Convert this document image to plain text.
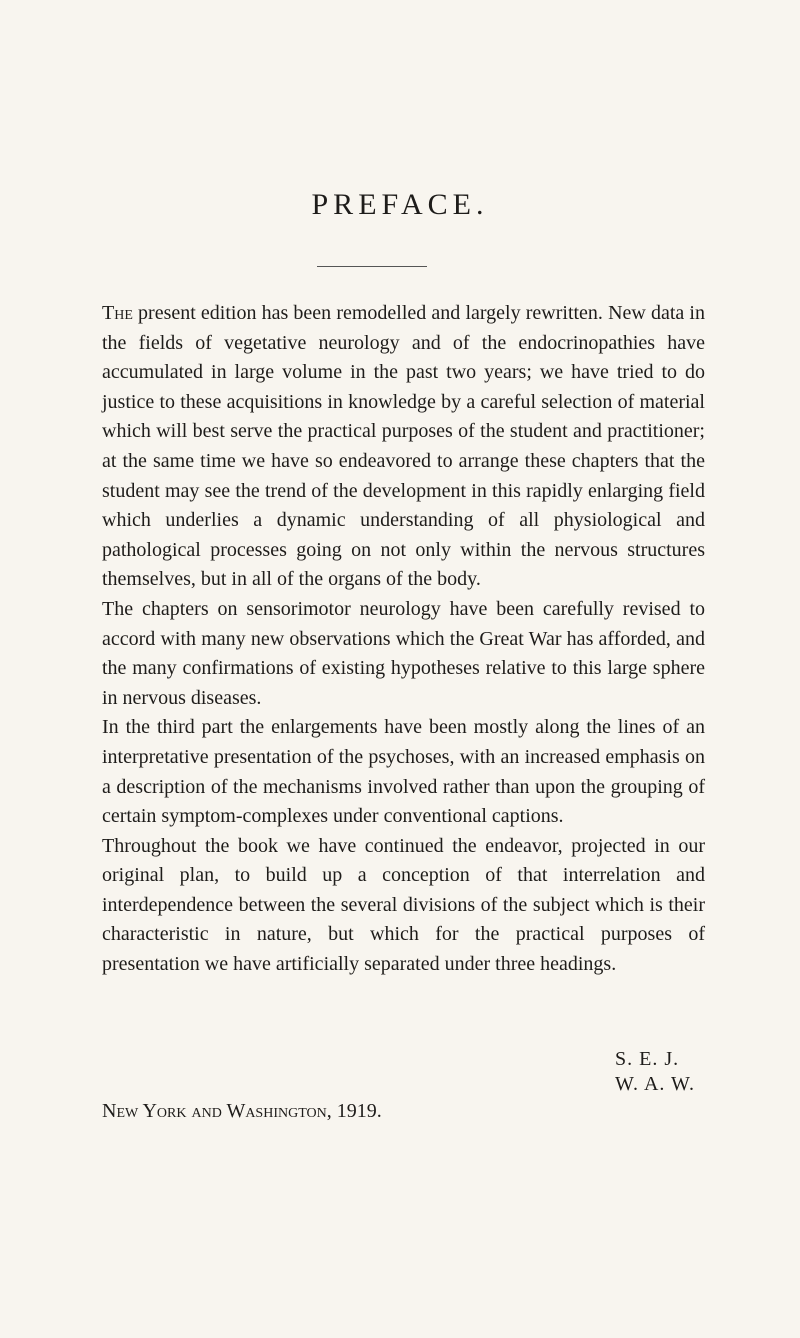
PREFACE.

The present edition has been remodelled and largely rewritten. New data in the fields of vegetative neurology and of the endocrinopathies have accumulated in large volume in the past two years; we have tried to do justice to these acquisitions in knowledge by a careful selection of material which will best serve the practical purposes of the student and practitioner; at the same time we have so endeavored to arrange these chapters that the student may see the trend of the development in this rapidly enlarging field which underlies a dynamic understanding of all physiological and pathological processes going on not only within the nervous structures themselves, but in all of the organs of the body.

The chapters on sensorimotor neurology have been carefully revised to accord with many new observations which the Great War has afforded, and the many confirmations of existing hypotheses relative to this large sphere in nervous diseases.

In the third part the enlargements have been mostly along the lines of an interpretative presentation of the psychoses, with an increased emphasis on a description of the mechanisms involved rather than upon the grouping of certain symptom-complexes under conventional captions.

Throughout the book we have continued the endeavor, projected in our original plan, to build up a conception of that interrelation and interdependence between the several divisions of the subject which is their characteristic in nature, but which for the practical purposes of presentation we have artificially separated under three headings.

S. E. J.
W. A. W.
New York and Washington, 1919.
